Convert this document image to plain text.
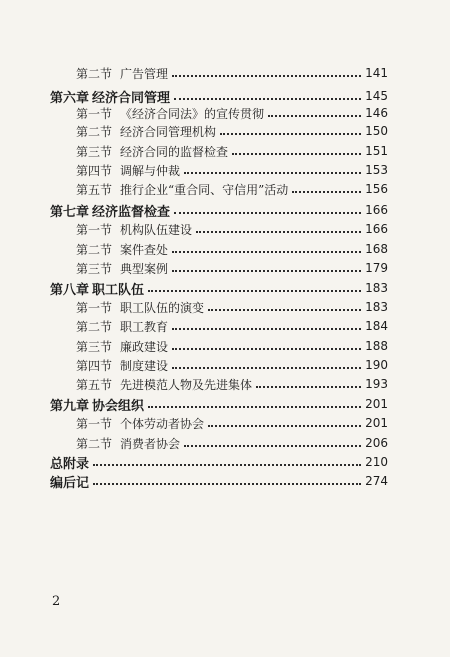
第二节 广告管理	141
第六章 经济合同管理	145
第一节 《经济合同法》的宣传贯彻	146
第二节 经济合同管理机构	150
第三节 经济合同的监督检查	151
第四节 调解与仲裁	153
第五节 推行企业“重合同、守信用”活动	156
第七章 经济监督检查	166
第一节 机构队伍建设	166
第二节 案件查处	168
第三节 典型案例	179
第八章 职工队伍	183
第一节 职工队伍的演变	183
第二节 职工教育	184
第三节 廉政建设	188
第四节 制度建设	190
第五节 先进模范人物及先进集体	193
第九章 协会组织	201
第一节 个体劳动者协会	201
第二节 消费者协会	206
总附录	210
编后记	274
2
